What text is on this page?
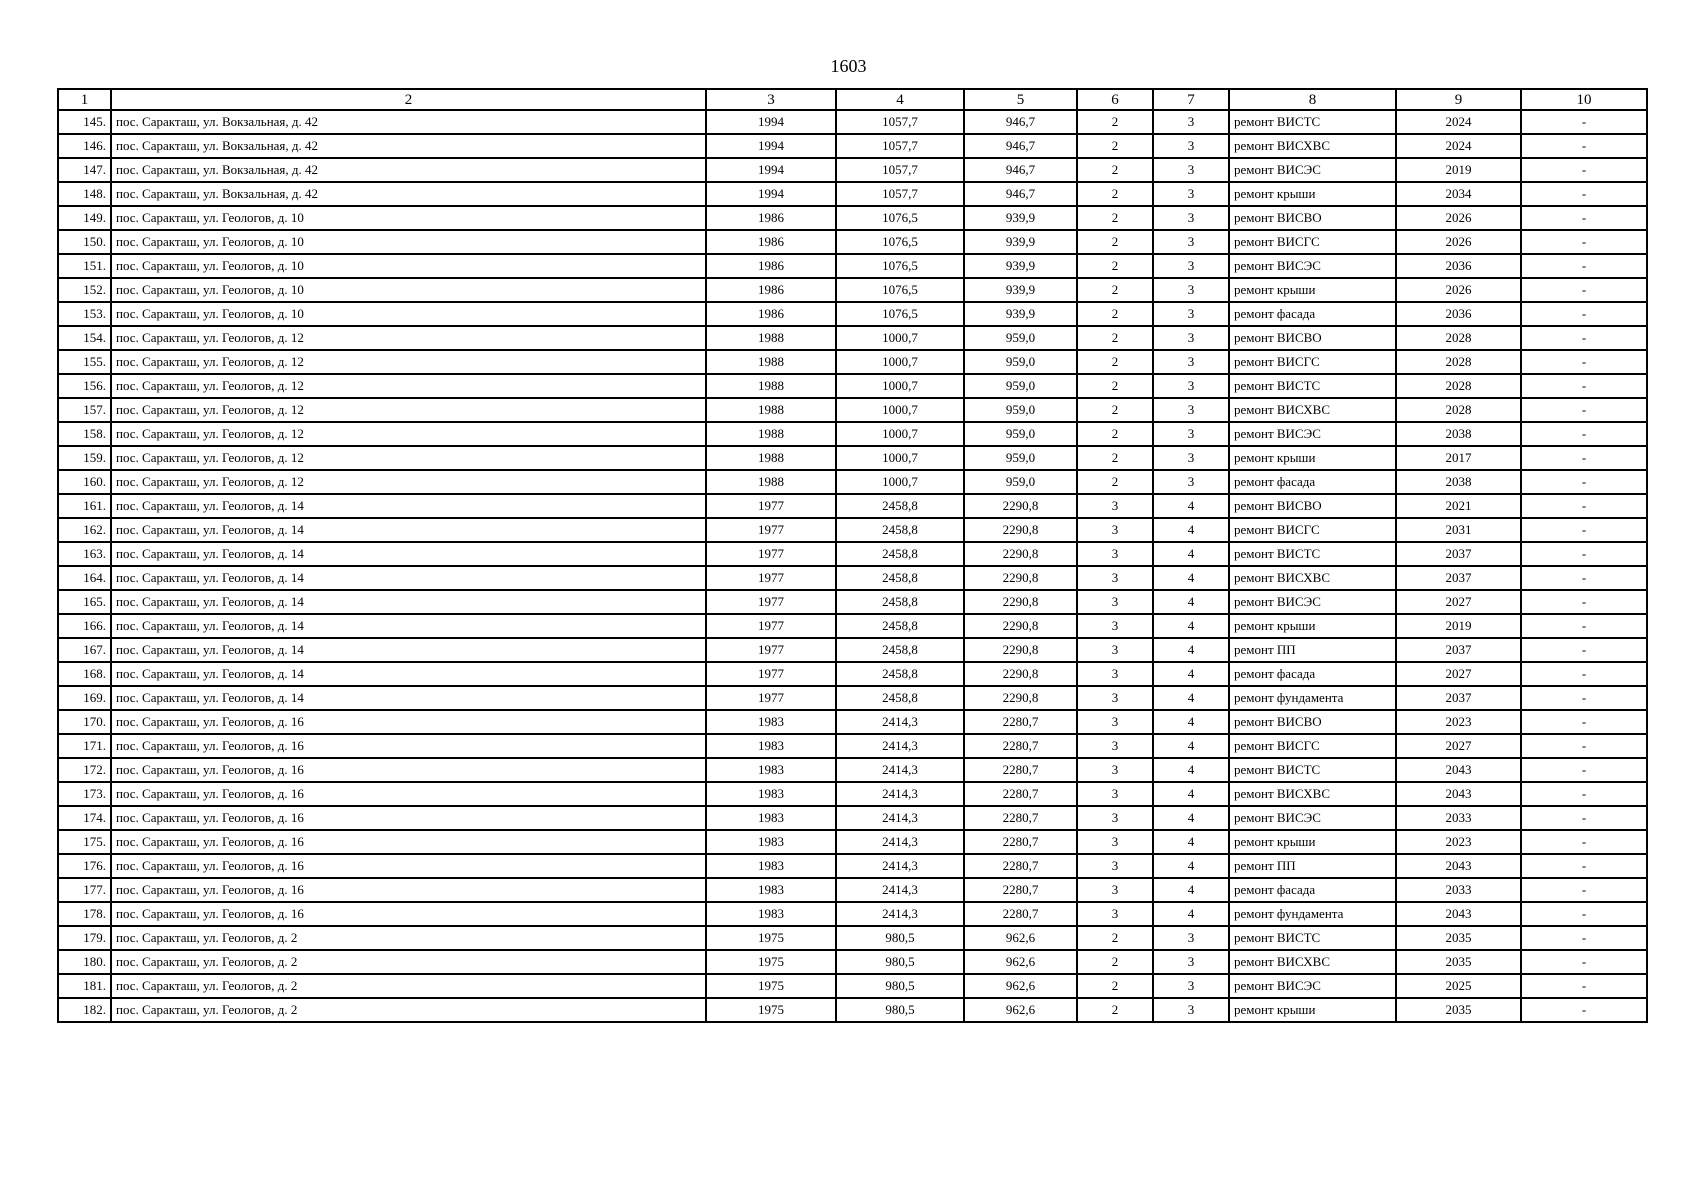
1603
1	2	3	4	5	6	7	8	9	10
145.	пос. Саракташ, ул. Вокзальная, д. 42	1994	1057,7	946,7	2	3	ремонт ВИСТС	2024	-
146.	пос. Саракташ, ул. Вокзальная, д. 42	1994	1057,7	946,7	2	3	ремонт ВИСХВС	2024	-
147.	пос. Саракташ, ул. Вокзальная, д. 42	1994	1057,7	946,7	2	3	ремонт ВИСЭС	2019	-
148.	пос. Саракташ, ул. Вокзальная, д. 42	1994	1057,7	946,7	2	3	ремонт крыши	2034	-
149.	пос. Саракташ, ул. Геологов, д. 10	1986	1076,5	939,9	2	3	ремонт ВИСВО	2026	-
150.	пос. Саракташ, ул. Геологов, д. 10	1986	1076,5	939,9	2	3	ремонт ВИСГС	2026	-
151.	пос. Саракташ, ул. Геологов, д. 10	1986	1076,5	939,9	2	3	ремонт ВИСЭС	2036	-
152.	пос. Саракташ, ул. Геологов, д. 10	1986	1076,5	939,9	2	3	ремонт крыши	2026	-
153.	пос. Саракташ, ул. Геологов, д. 10	1986	1076,5	939,9	2	3	ремонт фасада	2036	-
154.	пос. Саракташ, ул. Геологов, д. 12	1988	1000,7	959,0	2	3	ремонт ВИСВО	2028	-
155.	пос. Саракташ, ул. Геологов, д. 12	1988	1000,7	959,0	2	3	ремонт ВИСГС	2028	-
156.	пос. Саракташ, ул. Геологов, д. 12	1988	1000,7	959,0	2	3	ремонт ВИСТС	2028	-
157.	пос. Саракташ, ул. Геологов, д. 12	1988	1000,7	959,0	2	3	ремонт ВИСХВС	2028	-
158.	пос. Саракташ, ул. Геологов, д. 12	1988	1000,7	959,0	2	3	ремонт ВИСЭС	2038	-
159.	пос. Саракташ, ул. Геологов, д. 12	1988	1000,7	959,0	2	3	ремонт крыши	2017	-
160.	пос. Саракташ, ул. Геологов, д. 12	1988	1000,7	959,0	2	3	ремонт фасада	2038	-
161.	пос. Саракташ, ул. Геологов, д. 14	1977	2458,8	2290,8	3	4	ремонт ВИСВО	2021	-
162.	пос. Саракташ, ул. Геологов, д. 14	1977	2458,8	2290,8	3	4	ремонт ВИСГС	2031	-
163.	пос. Саракташ, ул. Геологов, д. 14	1977	2458,8	2290,8	3	4	ремонт ВИСТС	2037	-
164.	пос. Саракташ, ул. Геологов, д. 14	1977	2458,8	2290,8	3	4	ремонт ВИСХВС	2037	-
165.	пос. Саракташ, ул. Геологов, д. 14	1977	2458,8	2290,8	3	4	ремонт ВИСЭС	2027	-
166.	пос. Саракташ, ул. Геологов, д. 14	1977	2458,8	2290,8	3	4	ремонт крыши	2019	-
167.	пос. Саракташ, ул. Геологов, д. 14	1977	2458,8	2290,8	3	4	ремонт ПП	2037	-
168.	пос. Саракташ, ул. Геологов, д. 14	1977	2458,8	2290,8	3	4	ремонт фасада	2027	-
169.	пос. Саракташ, ул. Геологов, д. 14	1977	2458,8	2290,8	3	4	ремонт фундамента	2037	-
170.	пос. Саракташ, ул. Геологов, д. 16	1983	2414,3	2280,7	3	4	ремонт ВИСВО	2023	-
171.	пос. Саракташ, ул. Геологов, д. 16	1983	2414,3	2280,7	3	4	ремонт ВИСГС	2027	-
172.	пос. Саракташ, ул. Геологов, д. 16	1983	2414,3	2280,7	3	4	ремонт ВИСТС	2043	-
173.	пос. Саракташ, ул. Геологов, д. 16	1983	2414,3	2280,7	3	4	ремонт ВИСХВС	2043	-
174.	пос. Саракташ, ул. Геологов, д. 16	1983	2414,3	2280,7	3	4	ремонт ВИСЭС	2033	-
175.	пос. Саракташ, ул. Геологов, д. 16	1983	2414,3	2280,7	3	4	ремонт крыши	2023	-
176.	пос. Саракташ, ул. Геологов, д. 16	1983	2414,3	2280,7	3	4	ремонт ПП	2043	-
177.	пос. Саракташ, ул. Геологов, д. 16	1983	2414,3	2280,7	3	4	ремонт фасада	2033	-
178.	пос. Саракташ, ул. Геологов, д. 16	1983	2414,3	2280,7	3	4	ремонт фундамента	2043	-
179.	пос. Саракташ, ул. Геологов, д. 2	1975	980,5	962,6	2	3	ремонт ВИСТС	2035	-
180.	пос. Саракташ, ул. Геологов, д. 2	1975	980,5	962,6	2	3	ремонт ВИСХВС	2035	-
181.	пос. Саракташ, ул. Геологов, д. 2	1975	980,5	962,6	2	3	ремонт ВИСЭС	2025	-
182.	пос. Саракташ, ул. Геологов, д. 2	1975	980,5	962,6	2	3	ремонт крыши	2035	-
